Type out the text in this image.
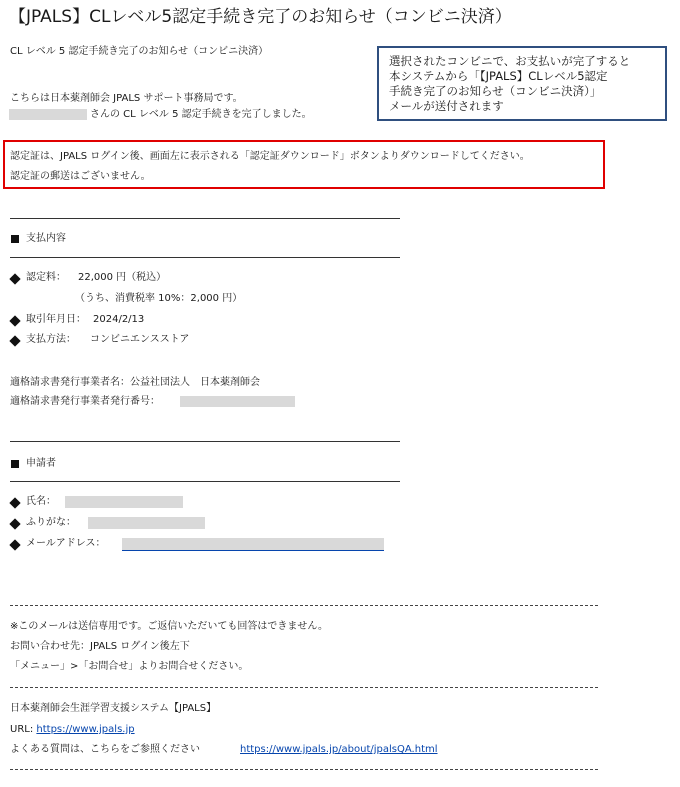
【JPALS】CLレベル5認定手続き完了のお知らせ（コンビニ決済）
CL レベル 5 認定手続き完了のお知らせ（コンビニ決済）
選択されたコンビニで、お支払いが完了すると
本システムから「【JPALS】CLレベル5認定
手続き完了のお知らせ（コンビニ決済）」
メールが送付されます
こちらは日本薬剤師会 JPALS サポート事務局です。
さんの CL レベル 5 認定手続きを完了しました。
認定証は、JPALS ログイン後、画面左に表示される「認定証ダウンロード」ボタンよりダウンロードしてください。
認定証の郵送はございません。
支払内容
認定料： 22,000 円（税込）
（うち、消費税率 10%：2,000 円）
取引年月日： 2024/2/13
支払方法： コンビニエンスストア
適格請求書発行事業者名：公益社団法人　日本薬剤師会
適格請求書発行事業者発行番号：
申請者
氏名：
ふりがな：
メールアドレス：
※このメールは送信専用です。ご返信いただいても回答はできません。
お問い合わせ先：JPALS ログイン後左下
「メニュー」>「お問合せ」よりお問合せください。
日本薬剤師会生涯学習支援システム【JPALS】
URL: https://www.jpals.jp
よくある質問は、こちらをご参照ください	https://www.jpals.jp/about/jpalsQA.html
